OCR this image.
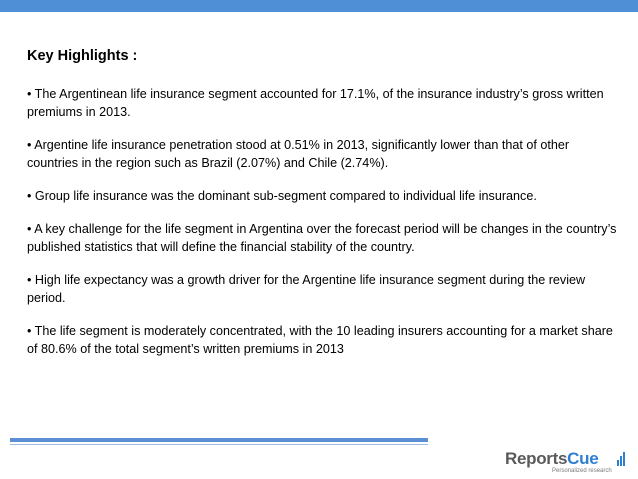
Key Highlights :

• The Argentinean life insurance segment accounted for 17.1%, of the insurance industry’s gross written premiums in 2013.

• Argentine life insurance penetration stood at 0.51% in 2013, significantly lower than that of other countries in the region such as Brazil (2.07%) and Chile (2.74%).

• Group life insurance was the dominant sub-segment compared to individual life insurance.

• A key challenge for the life segment in Argentina over the forecast period will be changes in the country’s published statistics that will define the financial stability of the country.

• High life expectancy was a growth driver for the Argentine life insurance segment during the review period.

• The life segment is moderately concentrated, with the 10 leading insurers accounting for a market share of 80.6% of the total segment’s written premiums in 2013

ReportsCue
Personalized research
